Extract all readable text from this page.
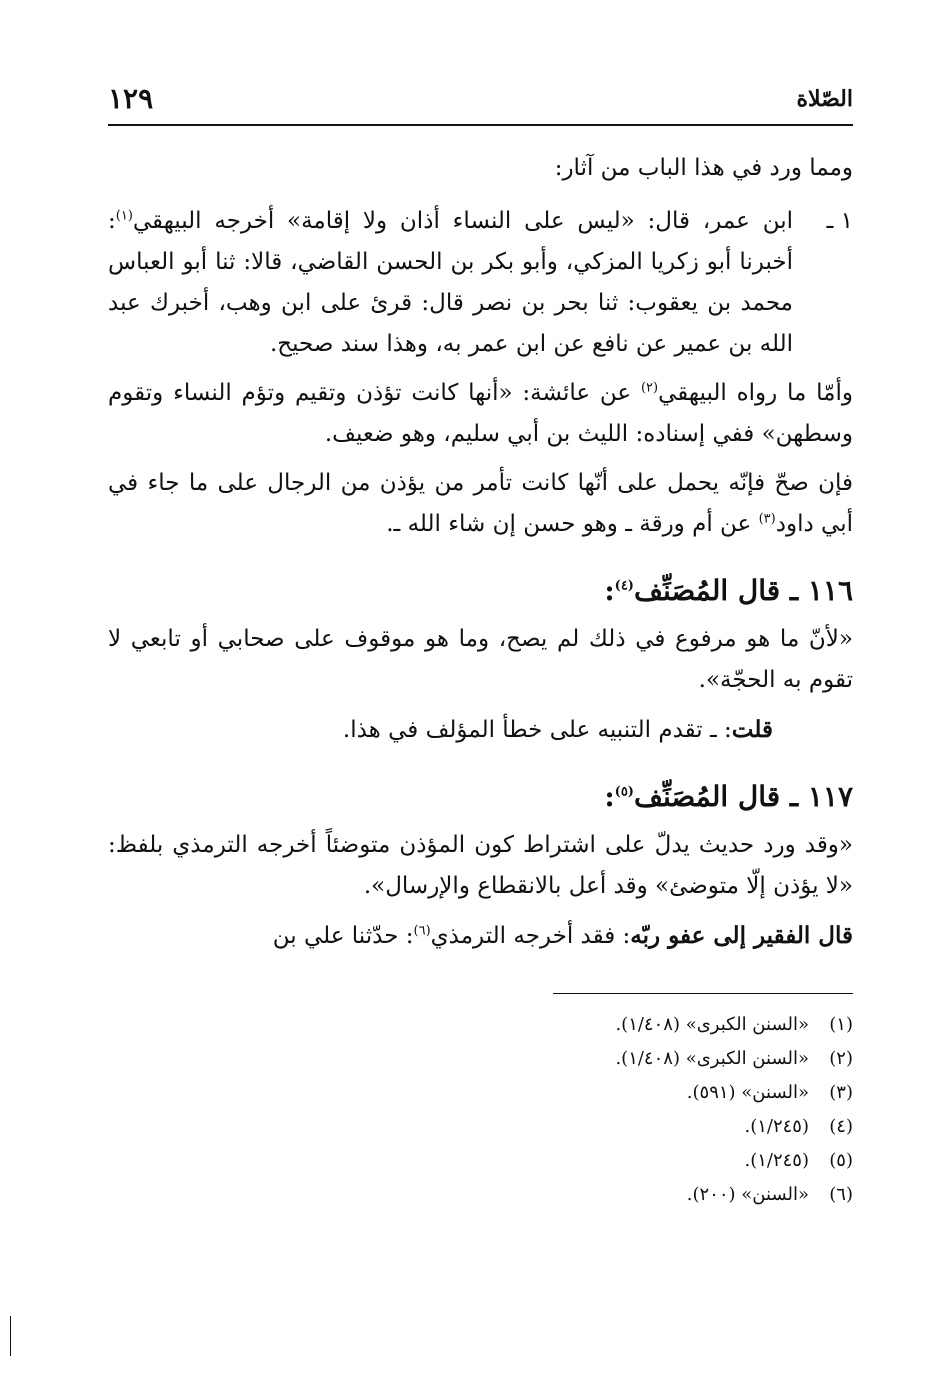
الصّلاة
١٢٩

ومما ورد في هذا الباب من آثار:

١ ـ

ابن عمر، قال: «ليس على النساء أذان ولا إقامة» أخرجه البيهقي$^{(١)}$: أخبرنا أبو زكريا المزكي، وأبو بكر بن الحسن القاضي، قالا: ثنا أبو العباس محمد بن يعقوب: ثنا بحر بن نصر قال: قرئ على ابن وهب، أخبرك عبد الله بن عمير عن نافع عن ابن عمر به، وهذا سند صحيح.

وأمّا ما رواه البيهقي$^{(٢)}$ عن عائشة: «أنها كانت تؤذن وتقيم وتؤم النساء وتقوم وسطهن» ففي إسناده: الليث بن أبي سليم، وهو ضعيف.

فإن صحّ فإنّه يحمل على أنّها كانت تأمر من يؤذن من الرجال على ما جاء في أبي داود$^{(٣)}$ عن أم ورقة ـ وهو حسن إن شاء الله ـ.

١١٦ ـ قال المُصَنِّف$^{(٤)}$:

«لأنّ ما هو مرفوع في ذلك لم يصح، وما هو موقوف على صحابي أو تابعي لا تقوم به الحجّة».

قلت: ـ تقدم التنبيه على خطأ المؤلف في هذا.

١١٧ ـ قال المُصَنِّف$^{(٥)}$:

«وقد ورد حديث يدلّ على اشتراط كون المؤذن متوضئاً أخرجه الترمذي بلفظ: «لا يؤذن إلّا متوضئ» وقد أعل بالانقطاع والإرسال».

قال الفقير إلى عفو ربّه: فقد أخرجه الترمذي$^{(٦)}$: حدّثنا علي بن

(١)«السنن الكبرى» (١/٤٠٨).

(٢)«السنن الكبرى» (١/٤٠٨).

(٣)«السنن» (٥٩١).

(٤)(١/٢٤٥).

(٥)(١/٢٤٥).

(٦)«السنن» (٢٠٠).
